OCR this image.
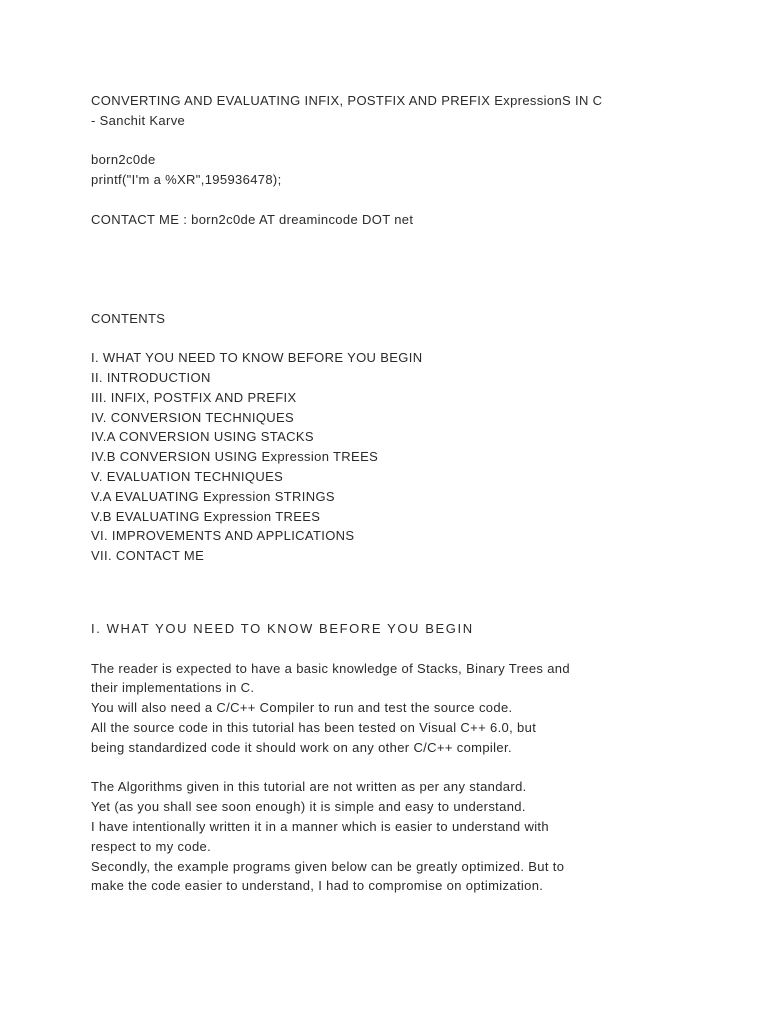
CONVERTING AND EVALUATING INFIX, POSTFIX AND PREFIX ExpressionS IN C
- Sanchit Karve
born2c0de
printf("I'm a %XR",195936478);
CONTACT ME : born2c0de AT dreamincode DOT net
CONTENTS
I. WHAT YOU NEED TO KNOW BEFORE YOU BEGIN
II. INTRODUCTION
III. INFIX, POSTFIX AND PREFIX
IV. CONVERSION TECHNIQUES
IV.A CONVERSION USING STACKS
IV.B CONVERSION USING Expression TREES
V. EVALUATION TECHNIQUES
V.A EVALUATING Expression STRINGS
V.B EVALUATING Expression TREES
VI. IMPROVEMENTS AND APPLICATIONS
VII. CONTACT ME
I. WHAT YOU NEED TO KNOW BEFORE YOU BEGIN
The reader is expected to have a basic knowledge of Stacks, Binary Trees and
their implementations in C.
You will also need a C/C++ Compiler to run and test the source code.
All the source code in this tutorial has been tested on Visual C++ 6.0, but
being standardized code it should work on any other C/C++ compiler.
The Algorithms given in this tutorial are not written as per any standard.
Yet (as you shall see soon enough) it is simple and easy to understand.
I have intentionally written it in a manner which is easier to understand with
respect to my code.
Secondly, the example programs given below can be greatly optimized. But to
make the code easier to understand, I had to compromise on optimization.
